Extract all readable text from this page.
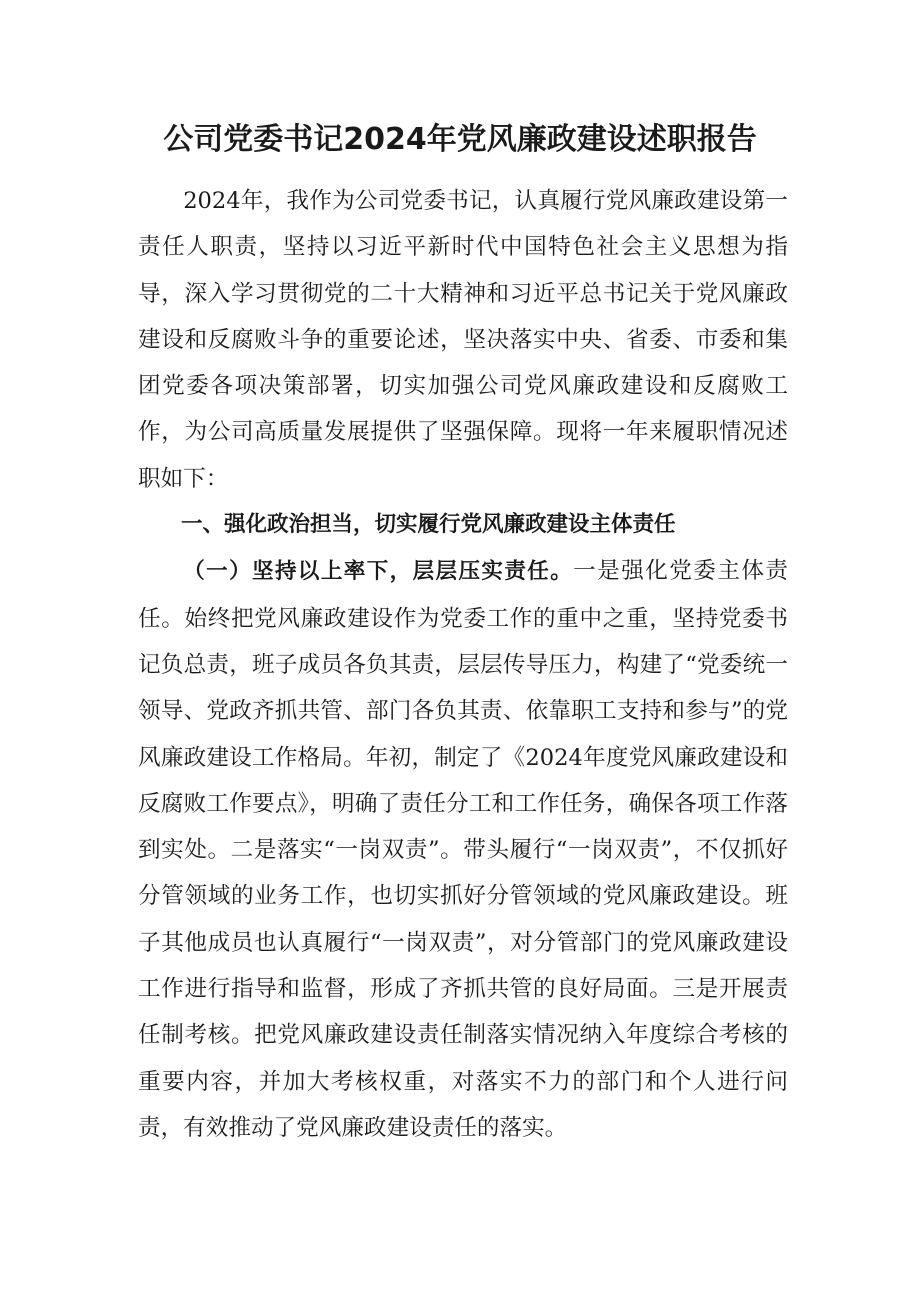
公司党委书记2024年党风廉政建设述职报告

2024年，我作为公司党委书记，认真履行党风廉政建设第一责任人职责，坚持以习近平新时代中国特色社会主义思想为指导，深入学习贯彻党的二十大精神和习近平总书记关于党风廉政建设和反腐败斗争的重要论述，坚决落实中央、省委、市委和集团党委各项决策部署，切实加强公司党风廉政建设和反腐败工作，为公司高质量发展提供了坚强保障。现将一年来履职情况述职如下：

一、强化政治担当，切实履行党风廉政建设主体责任

（一）坚持以上率下，层层压实责任。一是强化党委主体责任。始终把党风廉政建设作为党委工作的重中之重，坚持党委书记负总责，班子成员各负其责，层层传导压力，构建了“党委统一领导、党政齐抓共管、部门各负其责、依靠职工支持和参与”的党风廉政建设工作格局。年初，制定了《2024年度党风廉政建设和反腐败工作要点》，明确了责任分工和工作任务，确保各项工作落到实处。二是落实“一岗双责”。带头履行“一岗双责”，不仅抓好分管领域的业务工作，也切实抓好分管领域的党风廉政建设。班子其他成员也认真履行“一岗双责”，对分管部门的党风廉政建设工作进行指导和监督，形成了齐抓共管的良好局面。三是开展责任制考核。把党风廉政建设责任制落实情况纳入年度综合考核的重要内容，并加大考核权重，对落实不力的部门和个人进行问责，有效推动了党风廉政建设责任的落实。
